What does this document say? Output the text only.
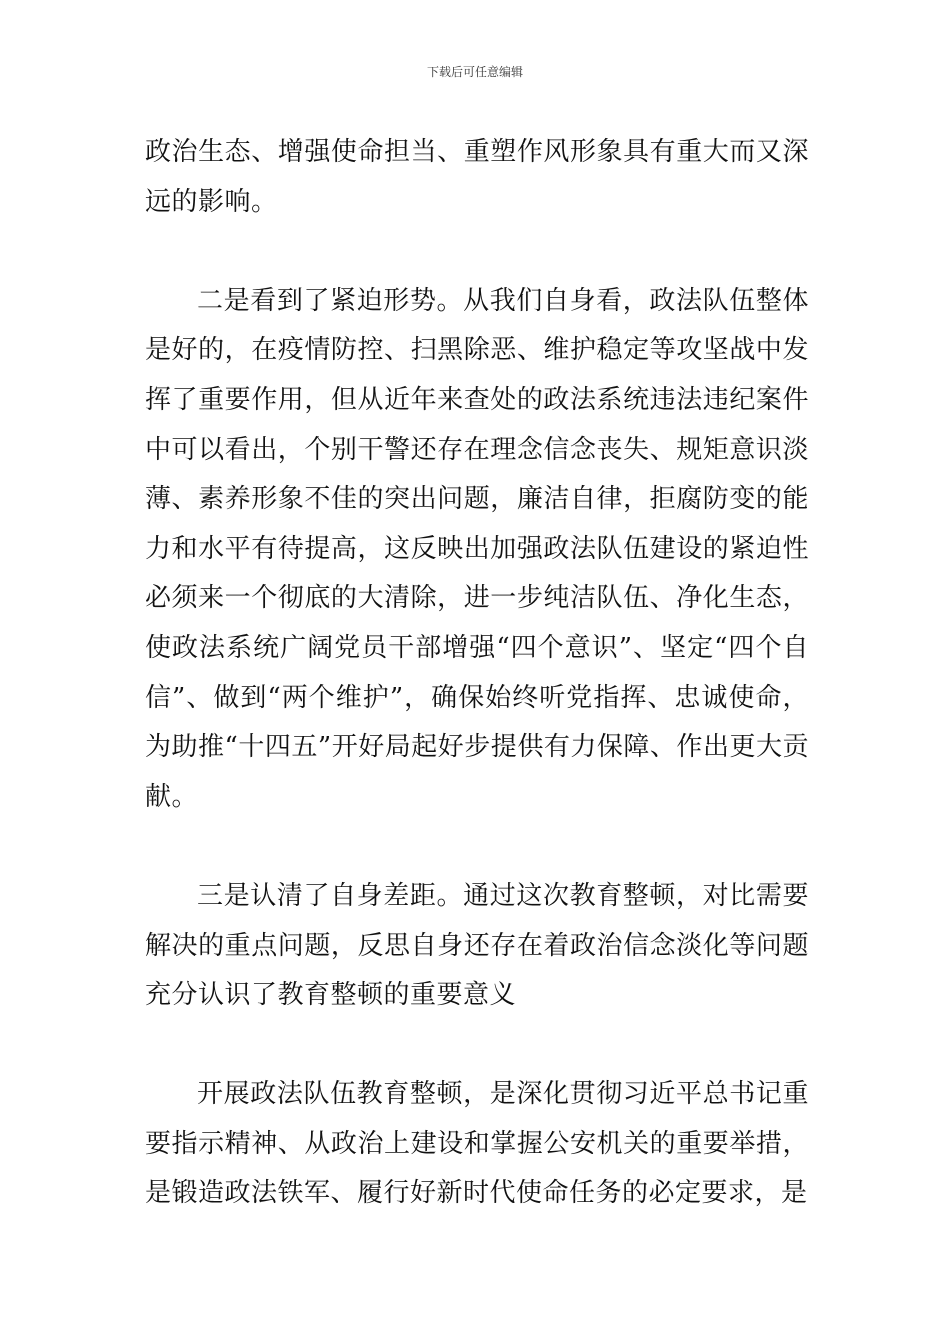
下载后可任意编辑

政治生态、增强使命担当、重塑作风形象具有重大而又深远的影响。

二是看到了紧迫形势。从我们自身看，政法队伍整体是好的，在疫情防控、扫黑除恶、维护稳定等攻坚战中发挥了重要作用，但从近年来查处的政法系统违法违纪案件中可以看出，个别干警还存在理念信念丧失、规矩意识淡薄、素养形象不佳的突出问题，廉洁自律，拒腐防变的能力和水平有待提高，这反映出加强政法队伍建设的紧迫性必须来一个彻底的大清除，进一步纯洁队伍、净化生态，使政法系统广阔党员干部增强“四个意识”、坚定“四个自信”、做到“两个维护”，确保始终听党指挥、忠诚使命，为助推“十四五”开好局起好步提供有力保障、作出更大贡献。

三是认清了自身差距。通过这次教育整顿，对比需要解决的重点问题，反思自身还存在着政治信念淡化等问题充分认识了教育整顿的重要意义

开展政法队伍教育整顿，是深化贯彻习近平总书记重要指示精神、从政治上建设和掌握公安机关的重要举措，是锻造政法铁军、履行好新时代使命任务的必定要求，是
